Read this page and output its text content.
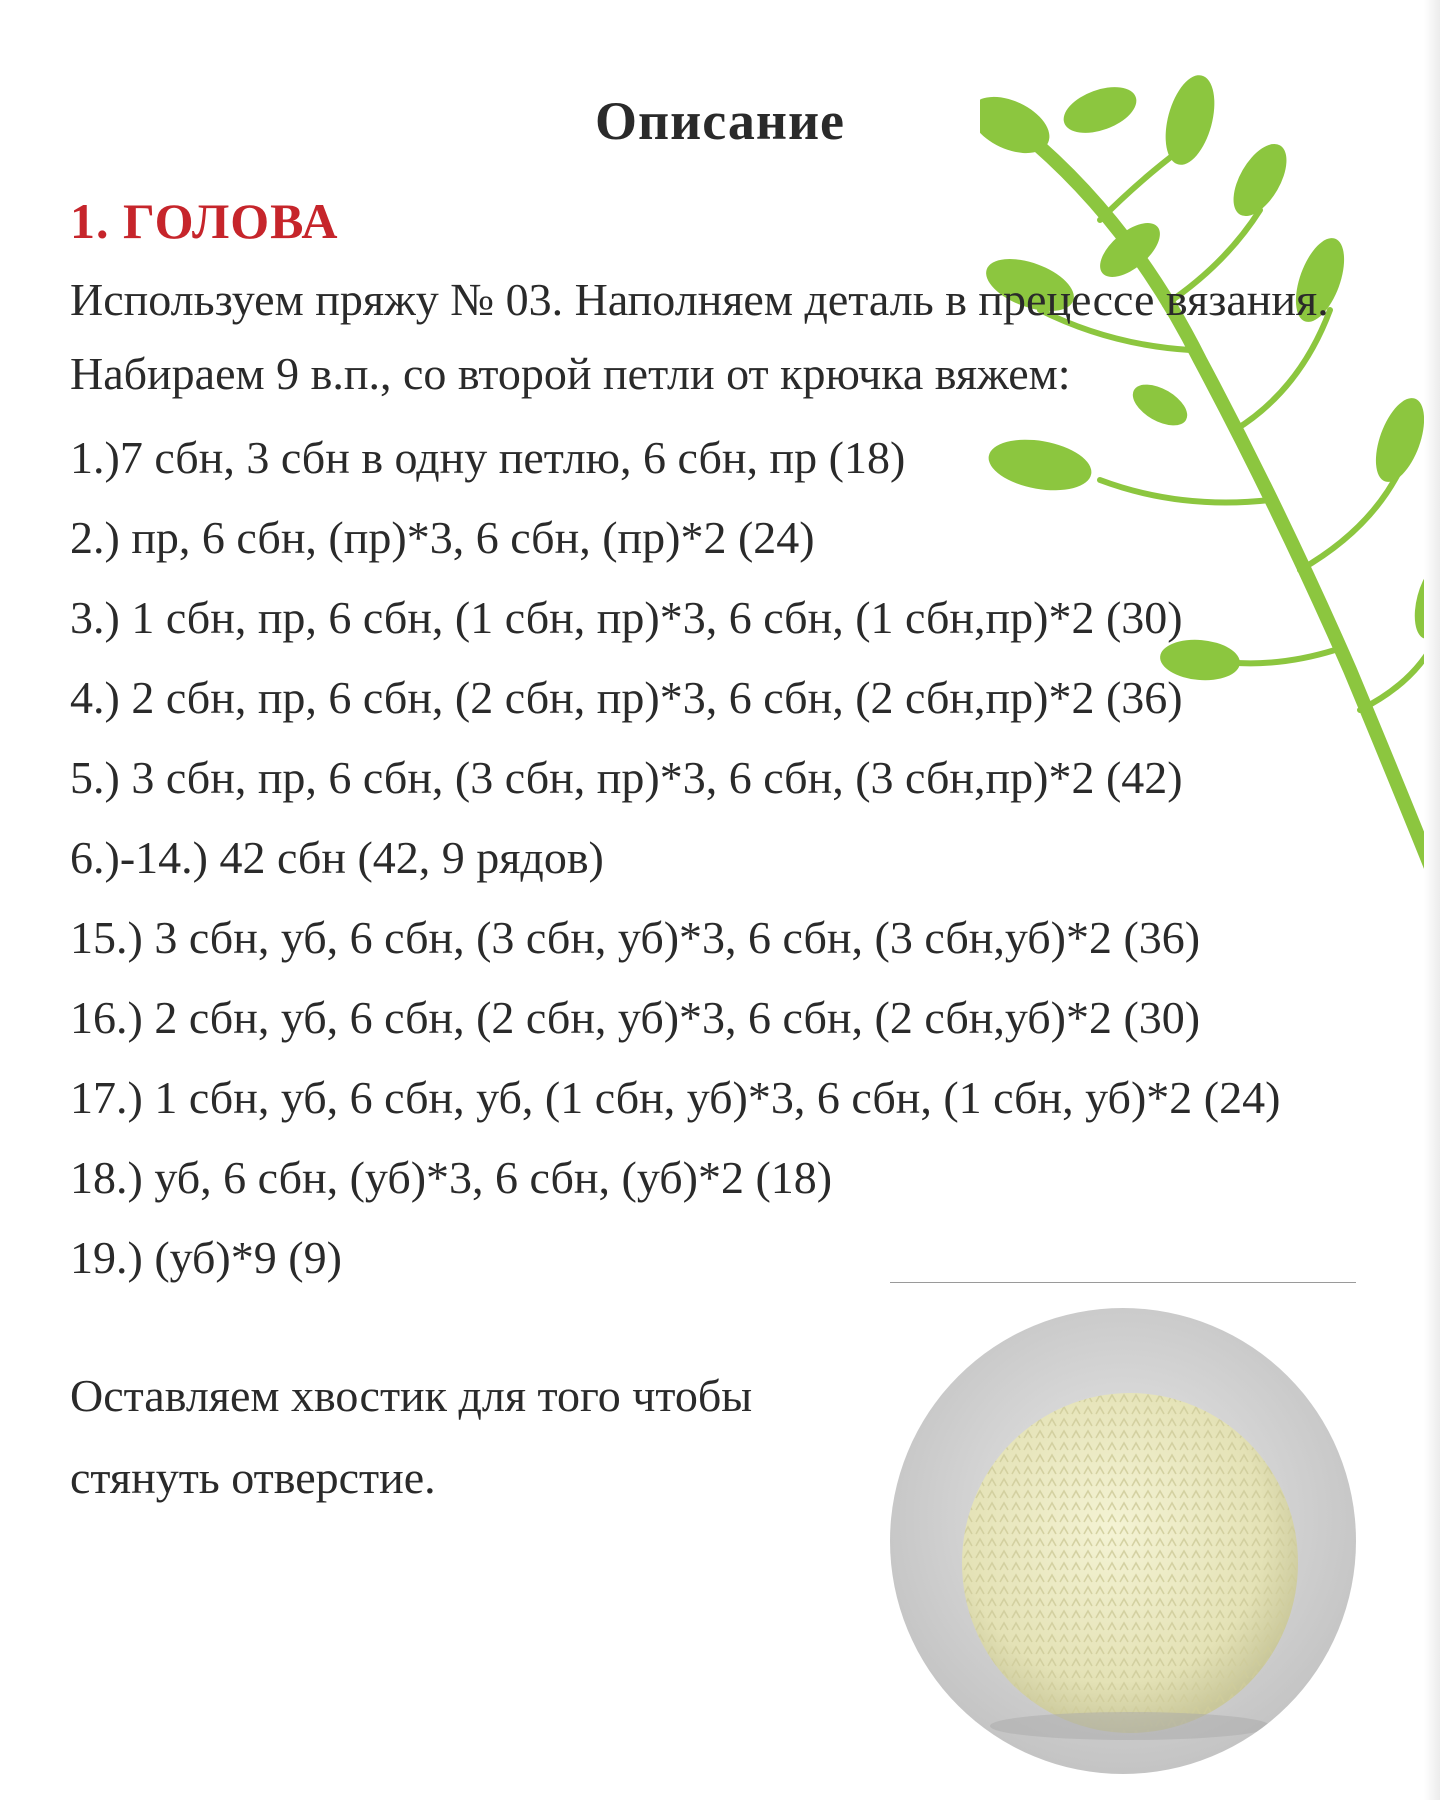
Описание
1. ГОЛОВА

Используем пряжу № 03. Наполняем деталь в прецессе вязания.

Набираем 9 в.п., со второй петли от крючка вяжем:

1.)7 сбн, 3 сбн в одну петлю, 6 сбн, пр (18)
2.) пр, 6 сбн, (пр)*3, 6 сбн, (пр)*2 (24)
3.) 1 сбн, пр, 6 сбн, (1 сбн, пр)*3, 6 сбн, (1 сбн,пр)*2 (30)
4.) 2 сбн, пр, 6 сбн, (2 сбн, пр)*3, 6 сбн, (2 сбн,пр)*2 (36)
5.) 3 сбн, пр, 6 сбн, (3 сбн, пр)*3, 6 сбн, (3 сбн,пр)*2 (42)
6.)-14.) 42 сбн (42, 9 рядов)
15.) 3 сбн, уб, 6 сбн, (3 сбн, уб)*3, 6 сбн, (3 сбн,уб)*2 (36)
16.) 2 сбн, уб, 6 сбн, (2 сбн, уб)*3, 6 сбн, (2 сбн,уб)*2 (30)
17.) 1 сбн, уб, 6 сбн, уб, (1 сбн, уб)*3, 6 сбн, (1 сбн, уб)*2 (24)
18.) уб, 6 сбн, (уб)*3, 6 сбн, (уб)*2 (18)
19.) (уб)*9 (9)

Оставляем хвостик для того чтобы стянуть отверстие.
